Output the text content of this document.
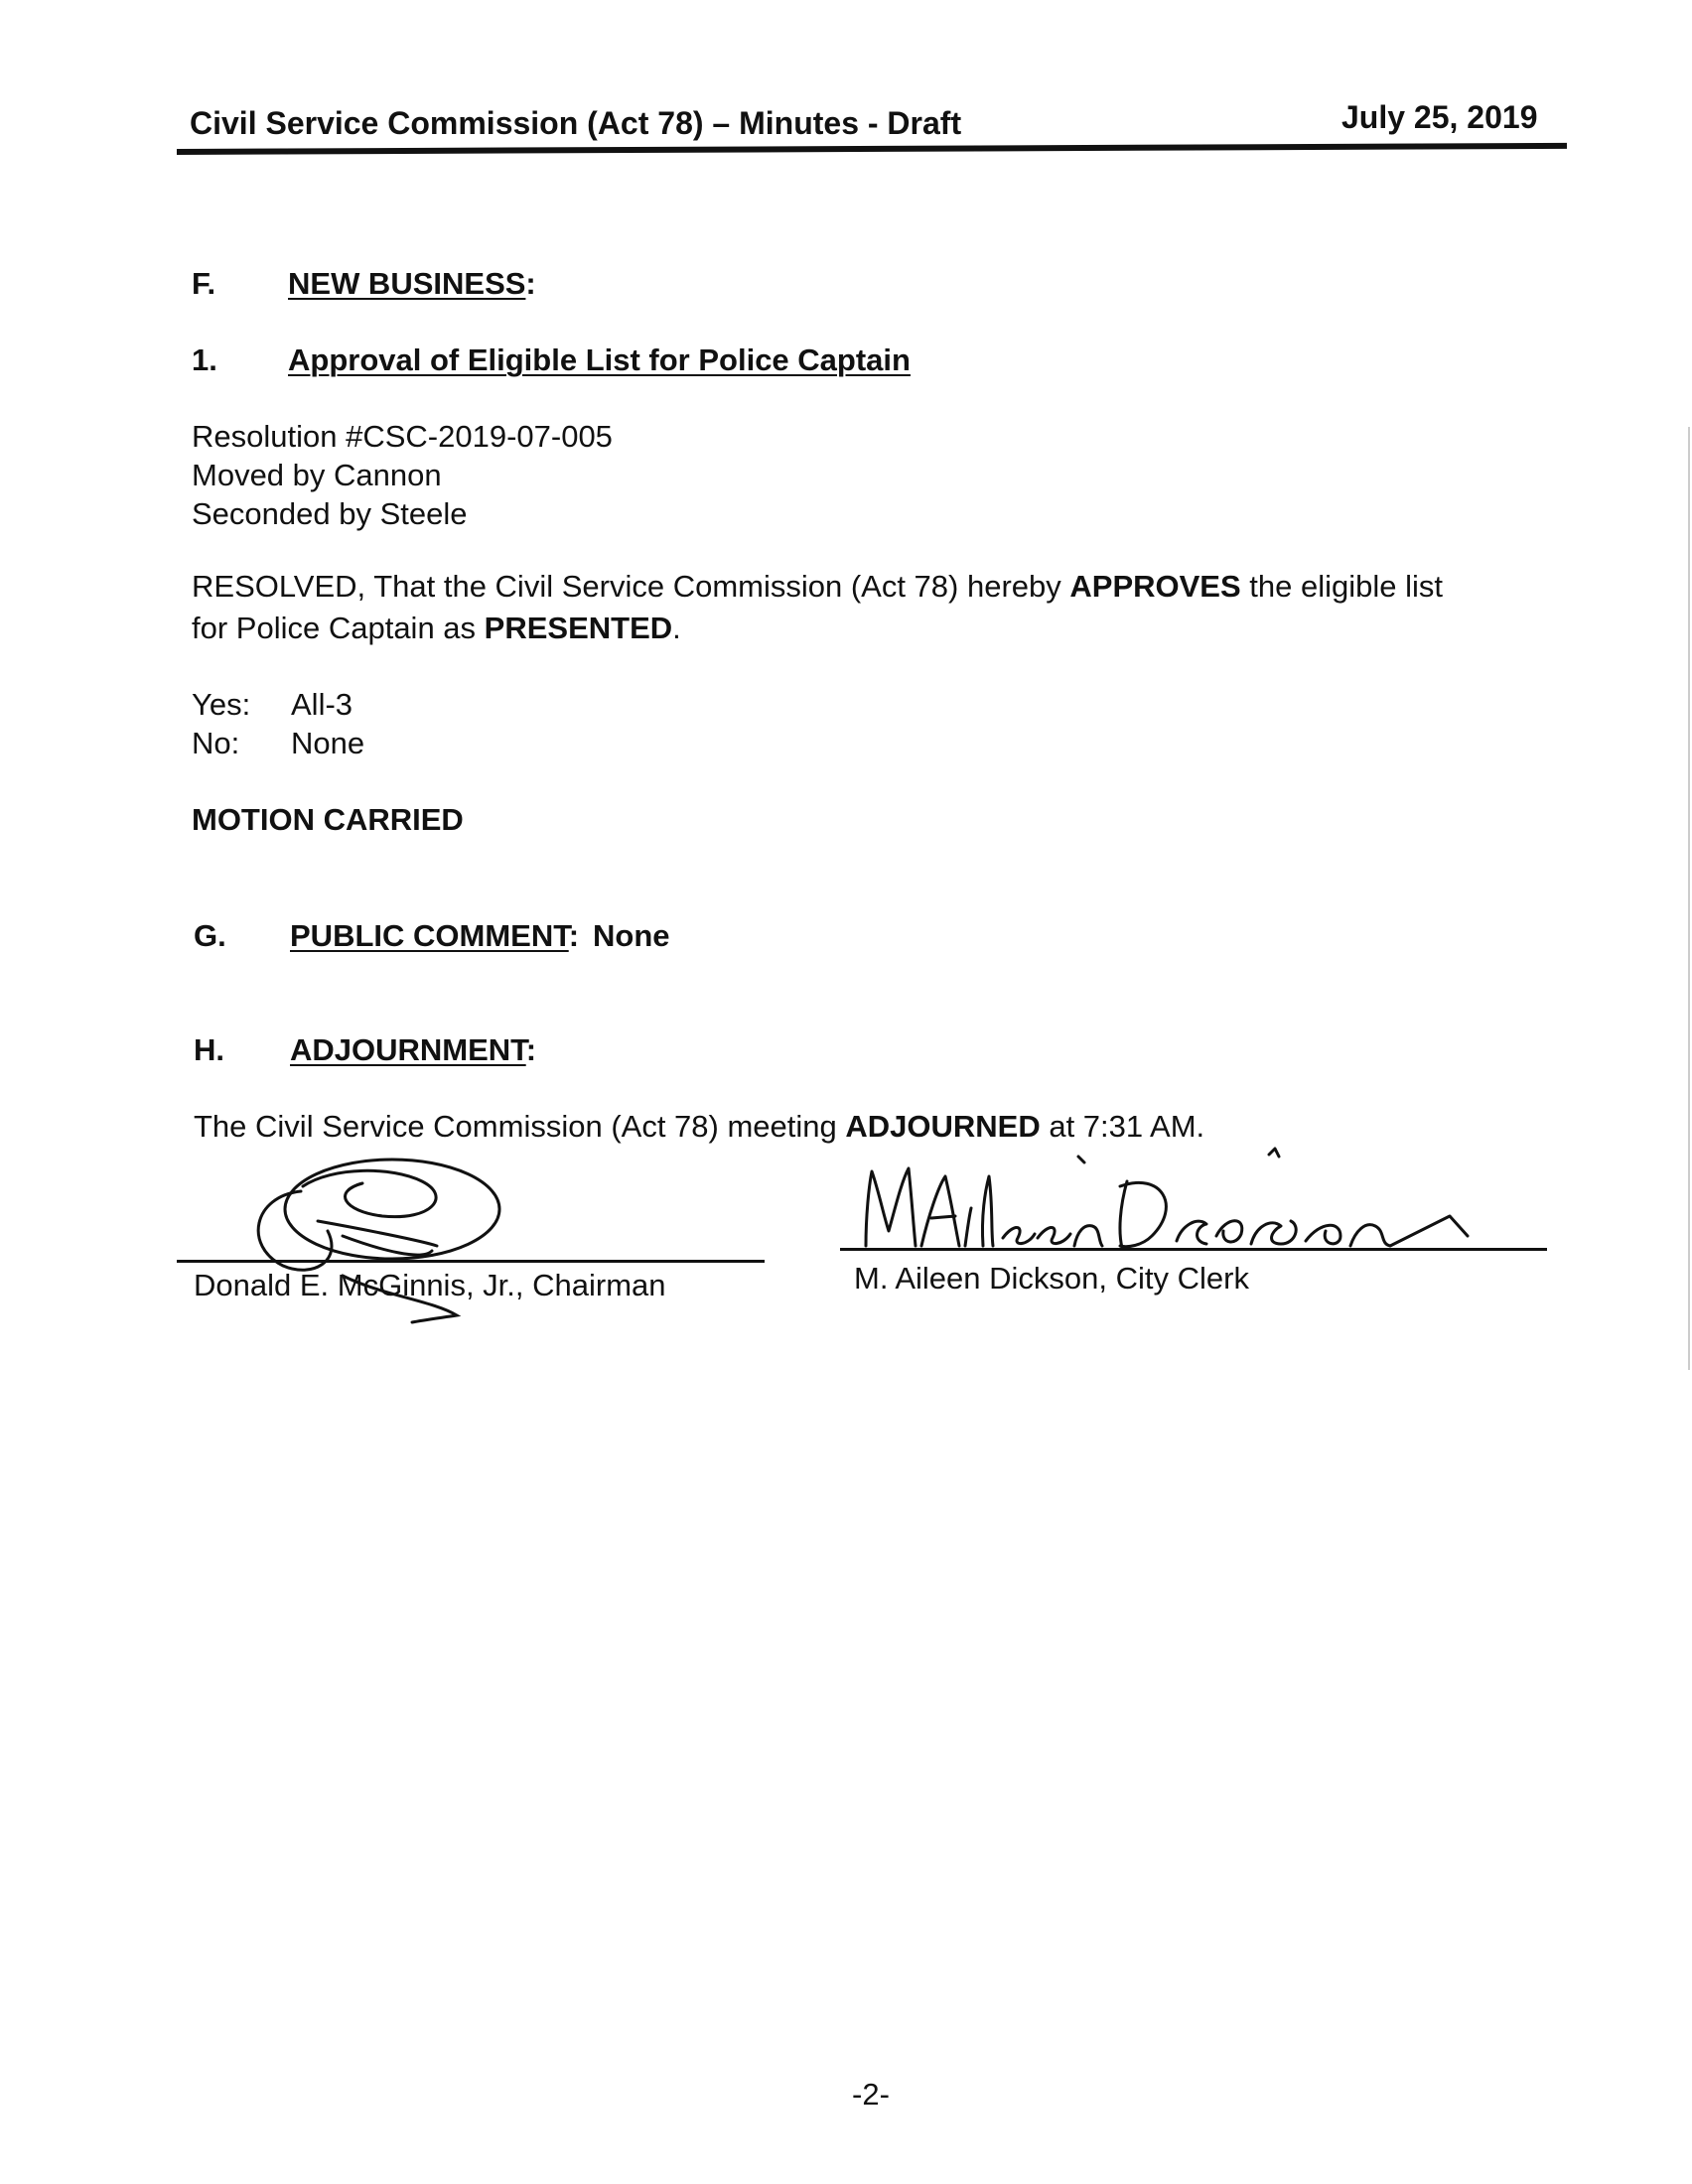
Civil Service Commission (Act 78) – Minutes - Draft	July 25, 2019
F. NEW BUSINESS:
1. Approval of Eligible List for Police Captain
Resolution #CSC-2019-07-005
Moved by Cannon
Seconded by Steele
RESOLVED, That the Civil Service Commission (Act 78) hereby APPROVES the eligible list
for Police Captain as PRESENTED.
Yes: All-3
No: None
MOTION CARRIED
G. PUBLIC COMMENT: None
H. ADJOURNMENT:
The Civil Service Commission (Act 78) meeting ADJOURNED at 7:31 AM.
Donald E. McGinnis, Jr., Chairman	M. Aileen Dickson, City Clerk
-2-
